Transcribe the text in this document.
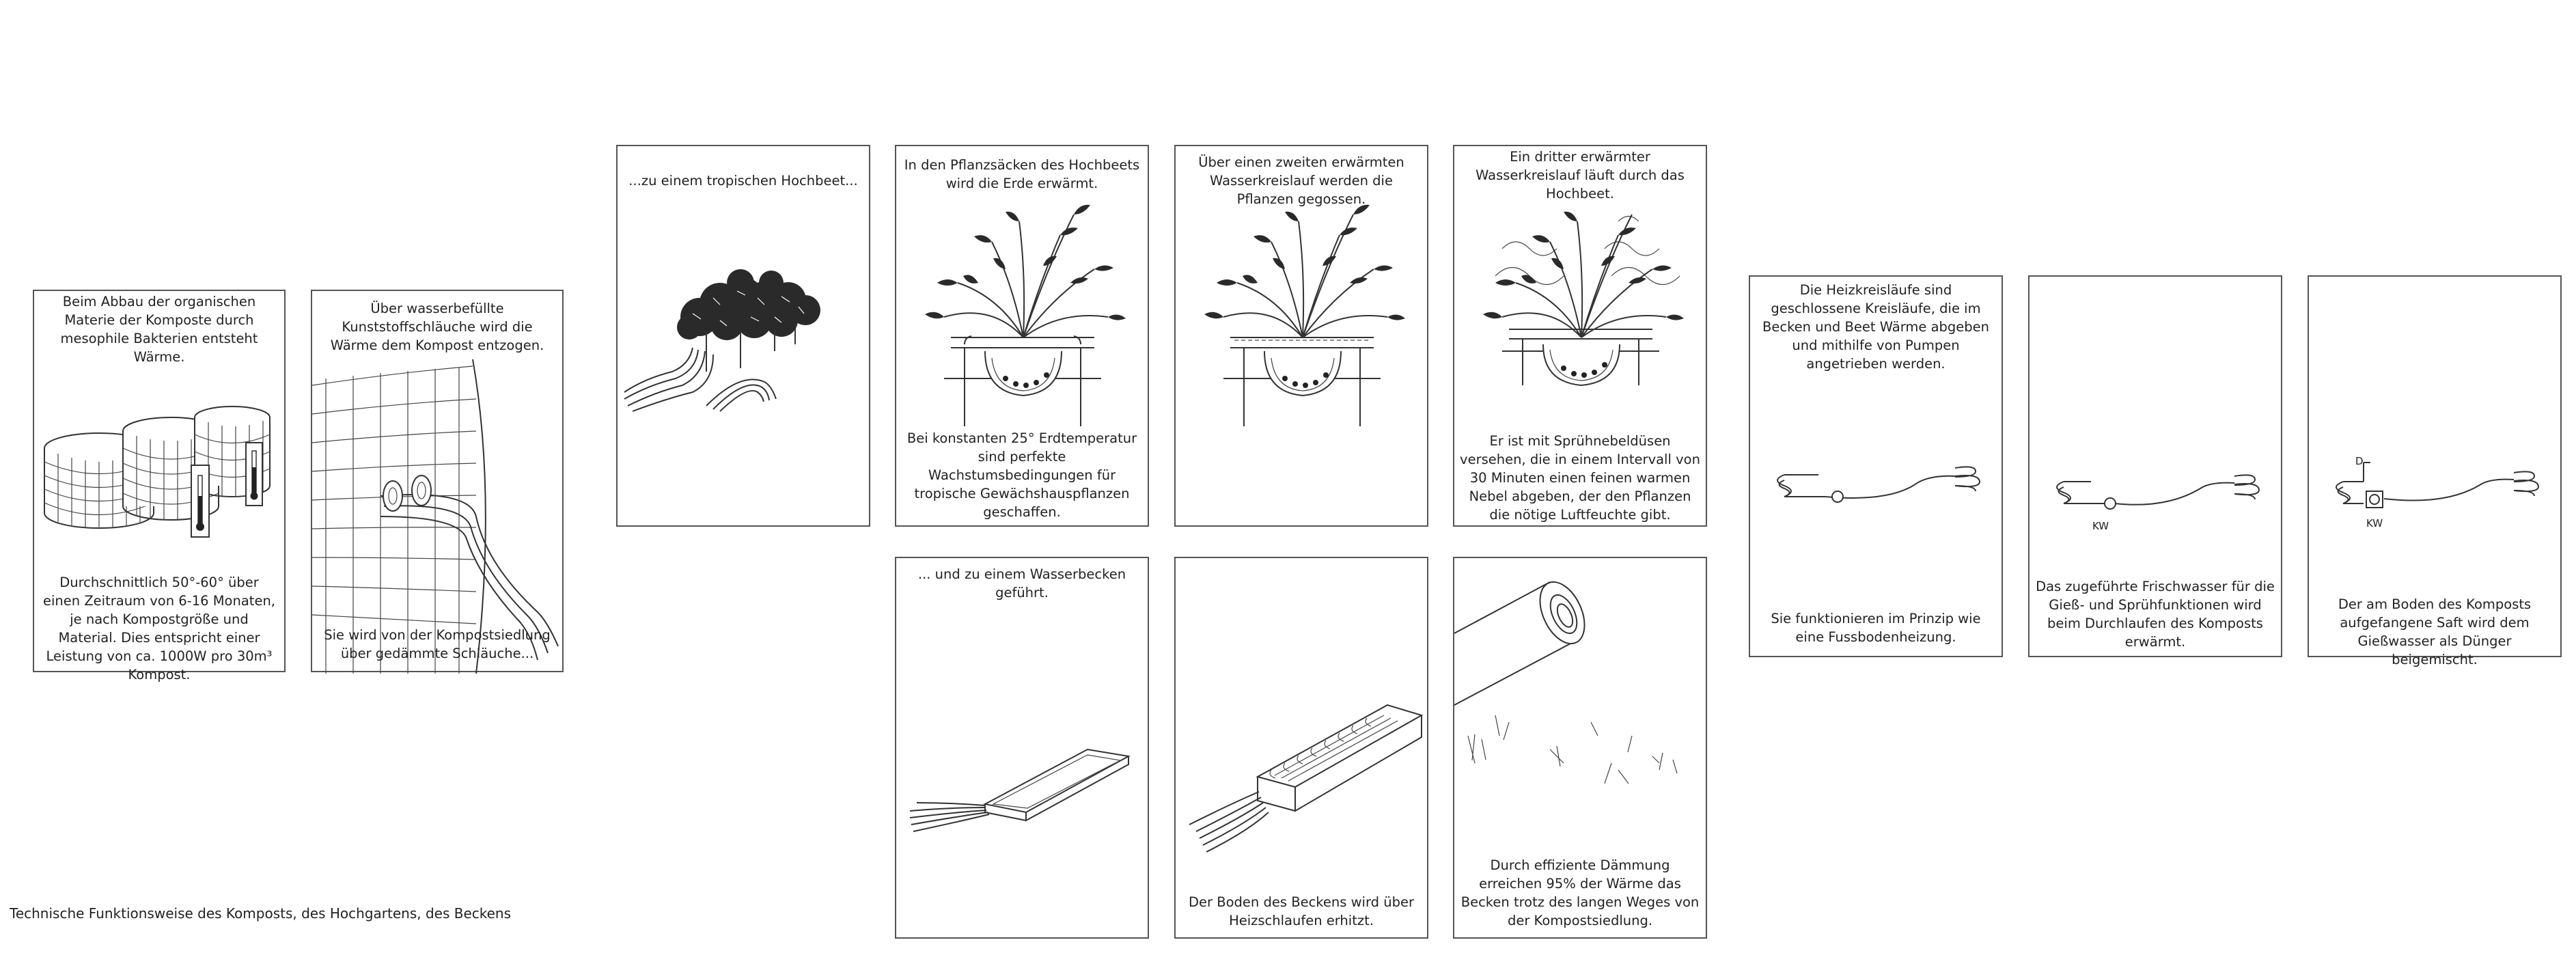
Beim Abbau der organischen Materie der Komposte durch mesophile Bakterien entsteht Wärme.
Durchschnittlich 50°-60° über einen Zeitraum von 6-16 Monaten, je nach Kompostgröße und Material. Dies entspricht einer Leistung von ca. 1000W pro 30m³ Kompost.
Über wasserbefüllte Kunststoffschläuche wird die Wärme dem Kompost entzogen.
Sie wird von der Kompostsiedlung über gedämmte Schläuche...
...zu einem tropischen Hochbeet...
In den Pflanzsäcken des Hochbeets wird die Erde erwärmt.
Bei konstanten 25° Erdtemperatur sind perfekte Wachstumsbedingungen für tropische Gewächshauspflanzen geschaffen.
Über einen zweiten erwärmten Wasserkreislauf werden die Pflanzen gegossen.
Ein dritter erwärmter Wasserkreislauf läuft durch das Hochbeet.
Er ist mit Sprühnebeldüsen versehen, die in einem Intervall von 30 Minuten einen feinen warmen Nebel abgeben, der den Pflanzen die nötige Luftfeuchte gibt.
... und zu einem Wasserbecken geführt.
Der Boden des Beckens wird über Heizschlaufen erhitzt.
Durch effiziente Dämmung erreichen 95% der Wärme das Becken trotz des langen Weges von der Kompostsiedlung.
Die Heizkreisläufe sind geschlossene Kreisläufe, die im Becken und Beet Wärme abgeben und mithilfe von Pumpen angetrieben werden.
Sie funktionieren im Prinzip wie eine Fussbodenheizung.
KW
Das zugeführte Frischwasser für die Gieß- und Sprühfunktionen wird beim Durchlaufen des Komposts erwärmt.
D
KW
Der am Boden des Komposts aufgefangene Saft wird dem Gießwasser als Dünger beigemischt.
Technische Funktionsweise des Komposts, des Hochgartens, des Beckens
